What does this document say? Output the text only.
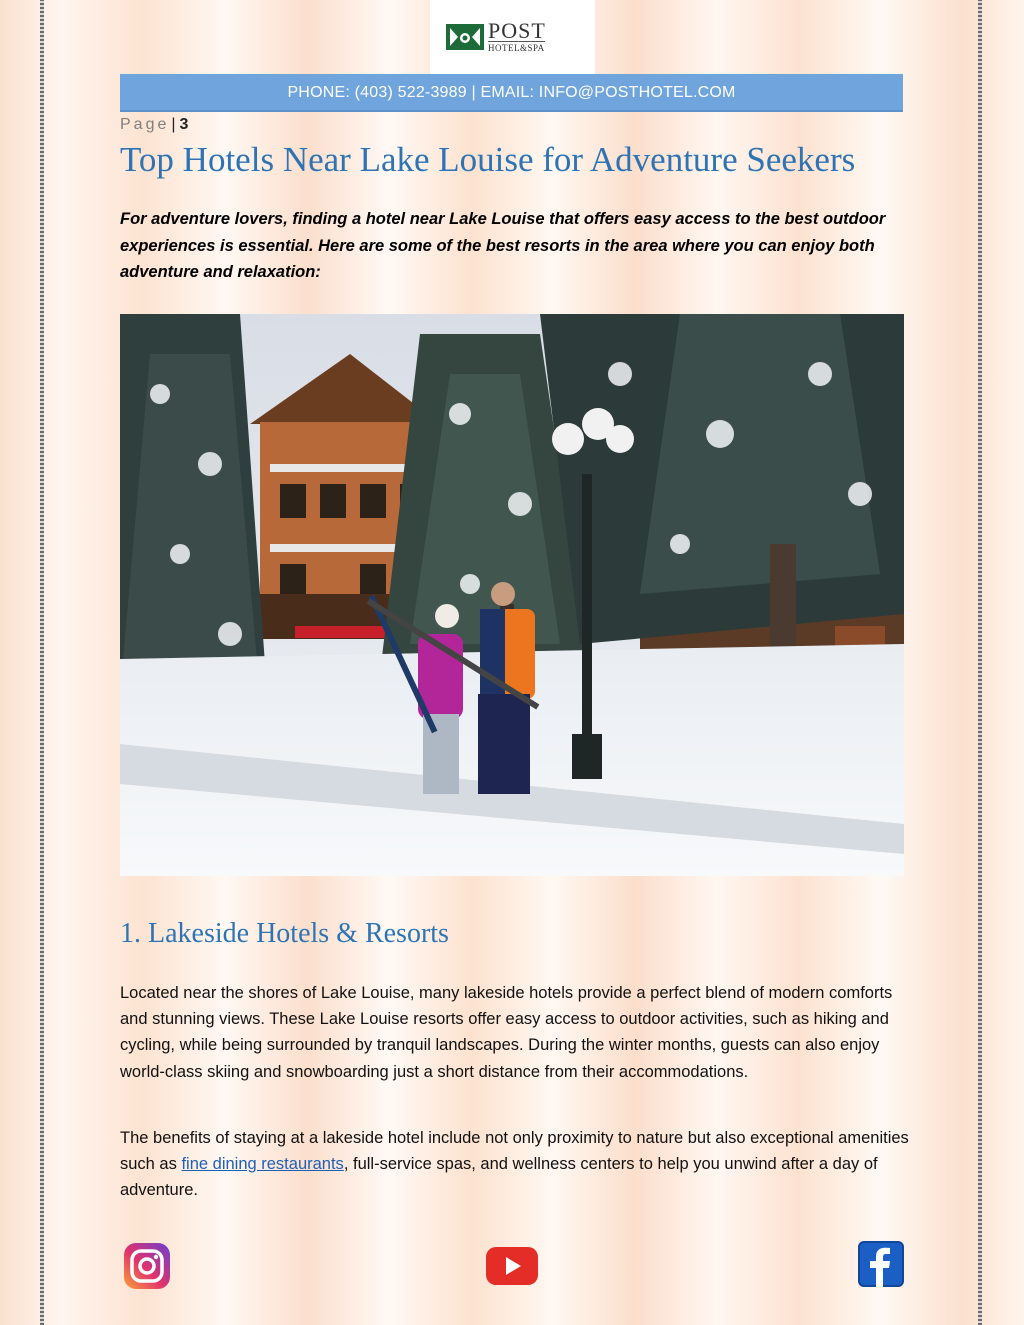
POST
HOTEL&SPA
PHONE: (403) 522-3989 | EMAIL: INFO@POSTHOTEL.COM
Page | 3
Top Hotels Near Lake Louise for Adventure Seekers

For adventure lovers, finding a hotel near Lake Louise that offers easy access to the best outdoor experiences is essential. Here are some of the best resorts in the area where you can enjoy both adventure and relaxation:

1. Lakeside Hotels & Resorts

Located near the shores of Lake Louise, many lakeside hotels provide a perfect blend of modern comforts and stunning views. These Lake Louise resorts offer easy access to outdoor activities, such as hiking and cycling, while being surrounded by tranquil landscapes. During the winter months, guests can also enjoy world-class skiing and snowboarding just a short distance from their accommodations.

The benefits of staying at a lakeside hotel include not only proximity to nature but also exceptional amenities such as fine dining restaurants, full-service spas, and wellness centers to help you unwind after a day of adventure.
